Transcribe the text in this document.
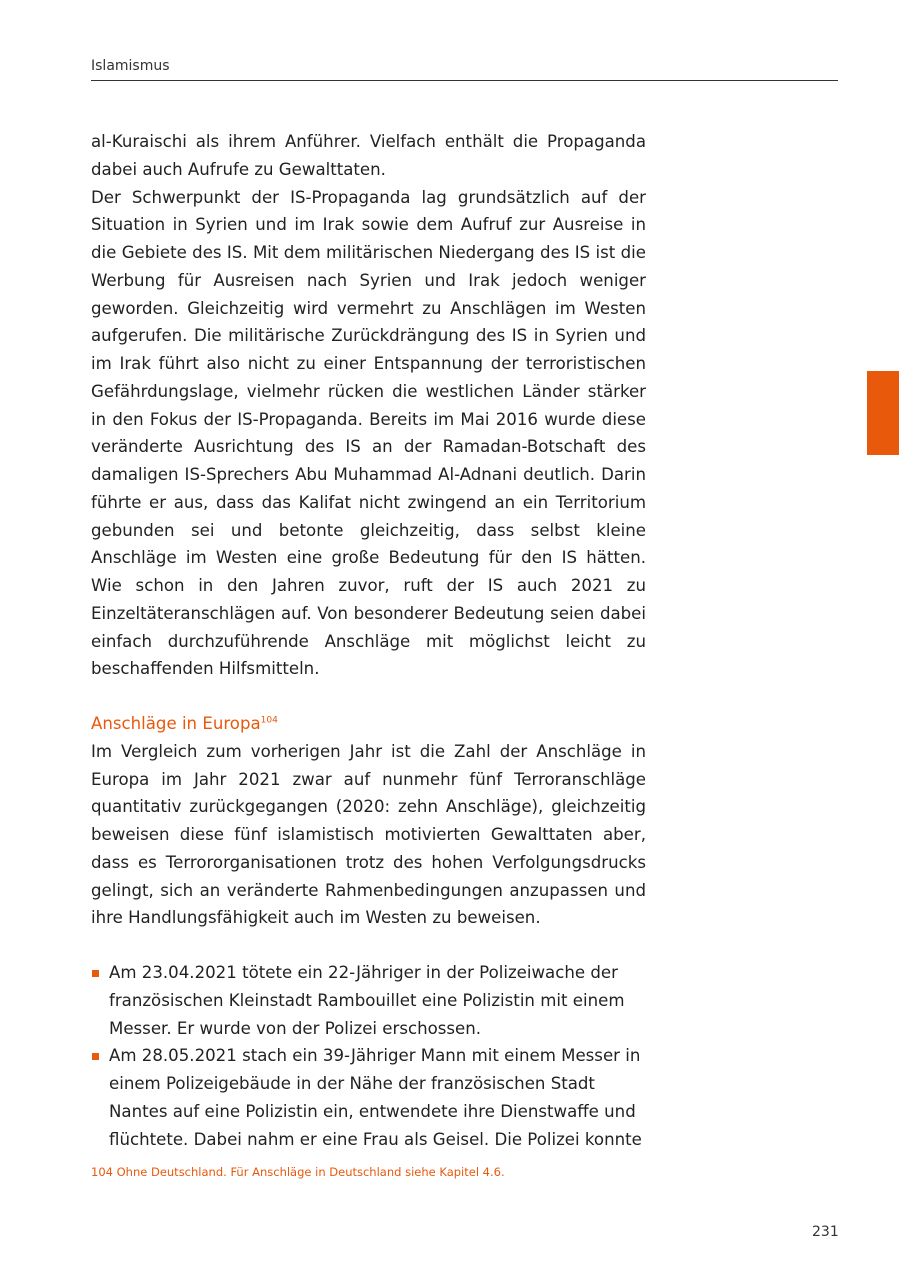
Islamismus

al-Kuraischi als ihrem Anführer. Vielfach enthält die Propaganda dabei auch Aufrufe zu Gewalttaten.

Der Schwerpunkt der IS-Propaganda lag grundsätzlich auf der Situation in Syrien und im Irak sowie dem Aufruf zur Ausreise in die Gebiete des IS. Mit dem militärischen Niedergang des IS ist die Werbung für Ausreisen nach Syrien und Irak jedoch weniger geworden. Gleichzeitig wird vermehrt zu Anschlägen im Westen aufgerufen. Die militärische Zurückdrängung des IS in Syrien und im Irak führt also nicht zu einer Entspannung der terroristischen Gefährdungslage, vielmehr rücken die westlichen Länder stärker in den Fokus der IS-Propaganda. Bereits im Mai 2016 wurde diese veränderte Ausrichtung des IS an der Ramadan-Botschaft des damaligen IS-Sprechers Abu Muhammad Al-Adnani deutlich. Darin führte er aus, dass das Kalifat nicht zwingend an ein Territorium gebunden sei und betonte gleichzeitig, dass selbst kleine Anschläge im Westen eine große Bedeutung für den IS hätten. Wie schon in den Jahren zuvor, ruft der IS auch 2021 zu Einzeltäteranschlägen auf. Von besonderer Bedeutung seien dabei einfach durchzuführende Anschläge mit möglichst leicht zu beschaffenden Hilfsmitteln.

Anschläge in Europa$^{104}$

Im Vergleich zum vorherigen Jahr ist die Zahl der Anschläge in Europa im Jahr 2021 zwar auf nunmehr fünf Terroranschläge quantitativ zurückgegangen (2020: zehn Anschläge), gleichzeitig beweisen diese fünf islamistisch motivierten Gewalttaten aber, dass es Terrororganisationen trotz des hohen Verfolgungsdrucks gelingt, sich an veränderte Rahmenbedingungen anzupassen und ihre Handlungsfähigkeit auch im Westen zu beweisen.

Am 23.04.2021 tötete ein 22-Jähriger in der Polizeiwache der französischen Kleinstadt Rambouillet eine Polizistin mit einem Messer. Er wurde von der Polizei erschossen.
Am 28.05.2021 stach ein 39-Jähriger Mann mit einem Messer in einem Polizeigebäude in der Nähe der französischen Stadt Nantes auf eine Polizistin ein, entwendete ihre Dienstwaffe und flüchtete. Dabei nahm er eine Frau als Geisel. Die Polizei konnte
104 Ohne Deutschland. Für Anschläge in Deutschland siehe Kapitel 4.6.
231
